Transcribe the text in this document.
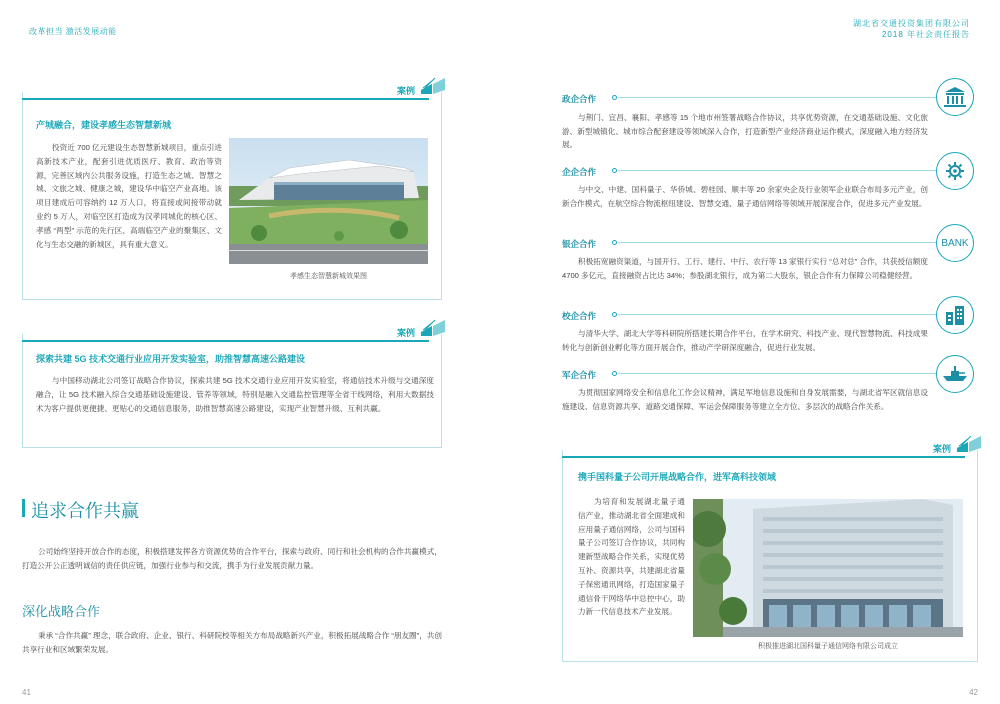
改革担当 激活发展动能
湖北省交通投资集团有限公司
2018 年社会责任报告
案例
产城融合，建设孝感生态智慧新城
投资近 700 亿元建设生态智慧新城项目，重点引进高新技术产业，配套引进优质医疗、教育、政治等资源，完善区域内公共服务设施，打造生态之城、智慧之城、文旅之城、健康之城，建设华中临空产业高地。该项目建成后可容纳约 12 万人口，将直接或间接带动就业约 5 万人，对临空区打造成为汉孝同城化的核心区、孝感 “两型” 示范的先行区、高端临空产业的聚集区、文化与生态交融的新城区，具有重大意义。
孝感生态智慧新城效果图
案例
探索共建 5G 技术交通行业应用开发实验室，助推智慧高速公路建设
与中国移动湖北公司签订战略合作协议，探索共建 5G 技术交通行业应用开发实验室，将通信技术升级与交通深度融合，让 5G 技术融入综合交通基础设施建设、管养等领域，特别是融入交通监控管理等全省干线网络，利用大数据技术为客户提供更便捷、更贴心的交通信息服务，助推智慧高速公路建设，实现产业智慧升级、互利共赢。
追求合作共赢
公司始终坚持开放合作的态度，积极搭建发挥各方资源优势的合作平台，探索与政府、同行和社会机构的合作共赢模式，打造公开公正透明诚信的责任供应链，加强行业参与和交流，携手为行业发展贡献力量。
深化战略合作
秉承 “合作共赢” 理念，联合政府、企业、银行、科研院校等相关方布局战略新兴产业，积极拓展战略合作 “朋友圈”，共创共享行业和区域繁荣发展。
41
政企合作
与荆门、宜昌、襄阳、孝感等 15 个地市州签署战略合作协议，共享优势资源，在交通基础设施、文化旅游、新型城镇化、城市综合配套建设等领域深入合作，打造新型产业经济商业运作模式，深度融入地方经济发展。
企企合作
与中交、中建、国科量子、华侨城、碧桂园、顺丰等 20 余家央企及行业领军企业联合布局多元产业，创新合作模式，在航空综合物流枢纽建设、智慧交通、量子通信网络等领域开展深度合作，促进多元产业发展。
银企合作
积极拓宽融资渠道，与国开行、工行、建行、中行、农行等 13 家银行实行 “总对总” 合作，共获授信额度 4700 多亿元，直接融资占比达 34%；参股湖北银行，成为第二大股东，银企合作有力保障公司稳健经营。
BANK
校企合作
与清华大学、湖北大学等科研院所搭建长期合作平台，在学术研究、科技产业、现代智慧物流、科技成果转化与创新创业孵化等方面开展合作，推动产学研深度融合，促进行业发展。
军企合作
为贯彻国家网络安全和信息化工作会议精神，满足军地信息设施和自身发展需要，与湖北省军区就信息设施建设、信息资源共享、道路交通保障、军运会保障服务等建立全方位、多层次的战略合作关系。
案例
携手国科量子公司开展战略合作，进军高科技领域
为培育和发展湖北量子通信产业，推动湖北省全面建成和应用量子通信网络，公司与国科量子公司签订合作协议，共同构建新型战略合作关系，实现优势互补、资源共享，共建湖北省量子保密通讯网络，打造国家量子通信骨干网络华中总控中心，助力新一代信息技术产业发展。
积极推进湖北国科量子通信网络有限公司成立
42
